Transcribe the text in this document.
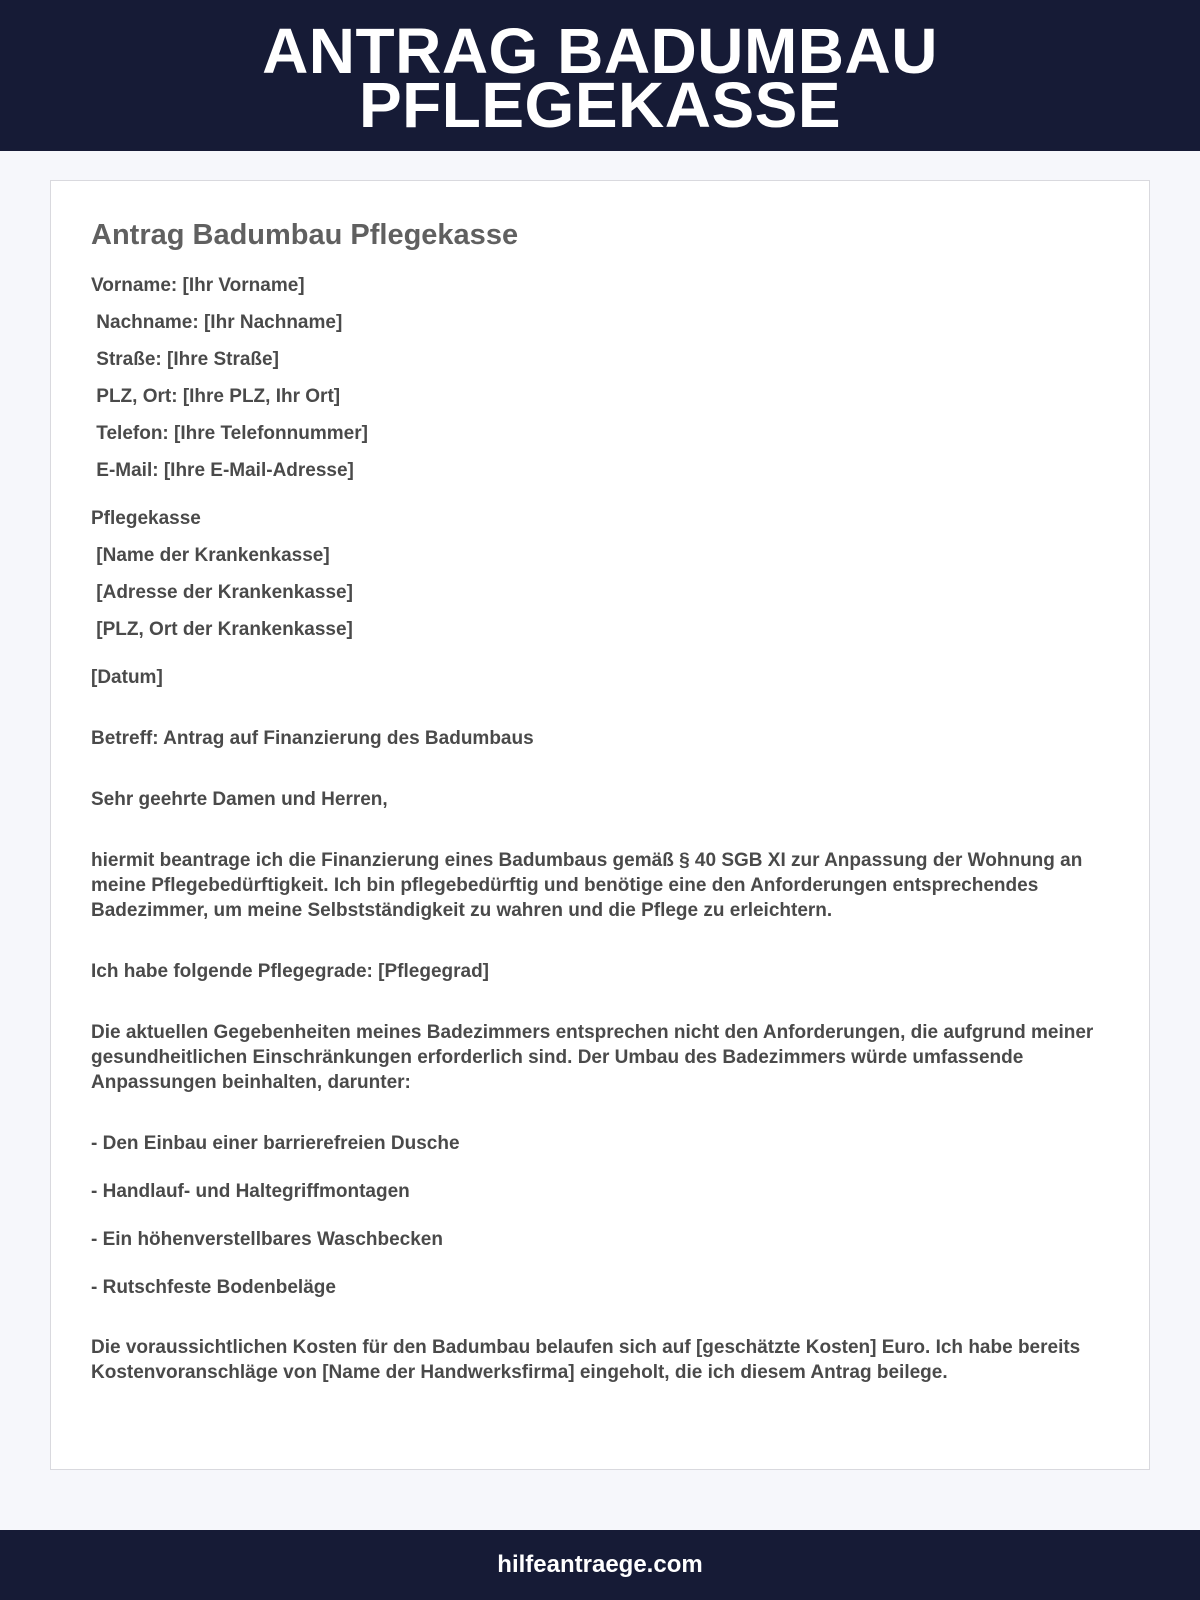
ANTRAG BADUMBAU
PFLEGEKASSE
Antrag Badumbau Pflegekasse
Vorname: [Ihr Vorname]
Nachname: [Ihr Nachname]
Straße: [Ihre Straße]
PLZ, Ort: [Ihre PLZ, Ihr Ort]
Telefon: [Ihre Telefonnummer]
E-Mail: [Ihre E-Mail-Adresse]
Pflegekasse
[Name der Krankenkasse]
[Adresse der Krankenkasse]
[PLZ, Ort der Krankenkasse]

[Datum]

Betreff: Antrag auf Finanzierung des Badumbaus

Sehr geehrte Damen und Herren,

hiermit beantrage ich die Finanzierung eines Badumbaus gemäß § 40 SGB XI zur Anpassung der Wohnung an meine Pflegebedürftigkeit. Ich bin pflegebedürftig und benötige eine den Anforderungen entsprechendes Badezimmer, um meine Selbstständigkeit zu wahren und die Pflege zu erleichtern.

Ich habe folgende Pflegegrade: [Pflegegrad]

Die aktuellen Gegebenheiten meines Badezimmers entsprechen nicht den Anforderungen, die aufgrund meiner gesundheitlichen Einschränkungen erforderlich sind. Der Umbau des Badezimmers würde umfassende Anpassungen beinhalten, darunter:

- Den Einbau einer barrierefreien Dusche
- Handlauf- und Haltegriffmontagen
- Ein höhenverstellbares Waschbecken
- Rutschfeste Bodenbeläge

Die voraussichtlichen Kosten für den Badumbau belaufen sich auf [geschätzte Kosten] Euro. Ich habe bereits Kostenvoranschläge von [Name der Handwerksfirma] eingeholt, die ich diesem Antrag beilege.

hilfeantraege.com
